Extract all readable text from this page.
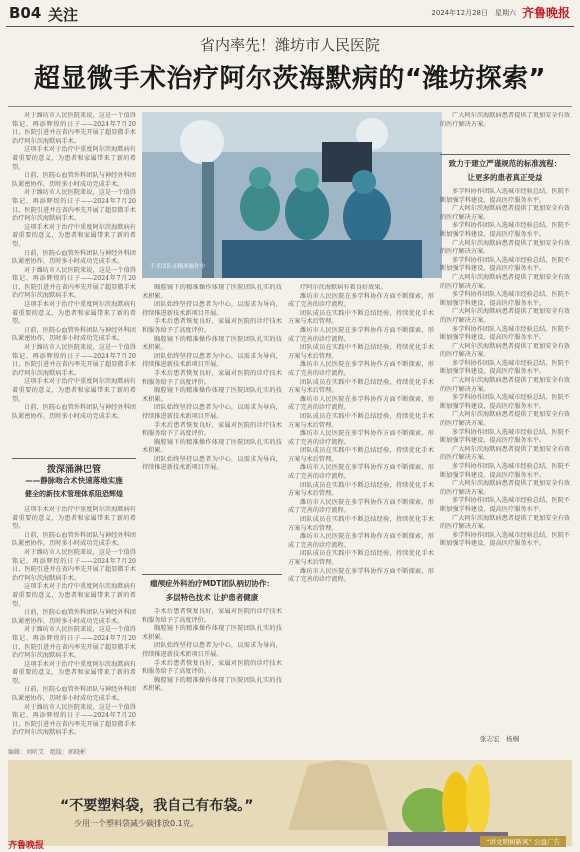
B04 关注	2024年12月28日　星期六 齐鲁晚报
省内率先！潍坊市人民医院
超显微手术治疗阿尔茨海默病的“潍坊探索”

对于潍坊市人民医院来说，这是一个值得铭记、再添辉煌的日子——2024年7月20日，医院引进并在省内率先开展了超显微手术治疗阿尔茨海默病手术。

这项手术对于治疗中重度阿尔茨海默病有着重要的意义，为患者和家属带来了新的希望。

日前，医院心血管外科团队与神经外科团队紧密协作，历时多小时成功完成手术。

对于潍坊市人民医院来说，这是一个值得铭记、再添辉煌的日子——2024年7月20日，医院引进并在省内率先开展了超显微手术治疗阿尔茨海默病手术。

这项手术对于治疗中重度阿尔茨海默病有着重要的意义，为患者和家属带来了新的希望。

日前，医院心血管外科团队与神经外科团队紧密协作，历时多小时成功完成手术。

对于潍坊市人民医院来说，这是一个值得铭记、再添辉煌的日子——2024年7月20日，医院引进并在省内率先开展了超显微手术治疗阿尔茨海默病手术。

这项手术对于治疗中重度阿尔茨海默病有着重要的意义，为患者和家属带来了新的希望。

日前，医院心血管外科团队与神经外科团队紧密协作，历时多小时成功完成手术。

对于潍坊市人民医院来说，这是一个值得铭记、再添辉煌的日子——2024年7月20日，医院引进并在省内率先开展了超显微手术治疗阿尔茨海默病手术。

这项手术对于治疗中重度阿尔茨海默病有着重要的意义，为患者和家属带来了新的希望。

日前，医院心血管外科团队与神经外科团队紧密协作，历时多小时成功完成手术。

拨深涌淋巴管
——静脉吻合术快速落地实施
健全的新技术管理体系阻恐辉煌

这项手术对于治疗中重度阿尔茨海默病有着重要的意义，为患者和家属带来了新的希望。

日前，医院心血管外科团队与神经外科团队紧密协作，历时多小时成功完成手术。

对于潍坊市人民医院来说，这是一个值得铭记、再添辉煌的日子——2024年7月20日，医院引进并在省内率先开展了超显微手术治疗阿尔茨海默病手术。

这项手术对于治疗中重度阿尔茨海默病有着重要的意义，为患者和家属带来了新的希望。

日前，医院心血管外科团队与神经外科团队紧密协作，历时多小时成功完成手术。

对于潍坊市人民医院来说，这是一个值得铭记、再添辉煌的日子——2024年7月20日，医院引进并在省内率先开展了超显微手术治疗阿尔茨海默病手术。

这项手术对于治疗中重度阿尔茨海默病有着重要的意义，为患者和家属带来了新的希望。

日前，医院心血管外科团队与神经外科团队紧密协作，历时多小时成功完成手术。

对于潍坊市人民医院来说，这是一个值得铭记、再添辉煌的日子——2024年7月20日，医院引进并在省内率先开展了超显微手术治疗阿尔茨海默病手术。

手术团队在精准操作中

胸腔镜下的精准操作体现了医院团队扎实的技术积累。

团队始终坚持以患者为中心，以需求为导向，持续推进新技术新项目开展。

手术后患者恢复良好，家属对医院的诊疗技术和服务给予了高度评价。

胸腔镜下的精准操作体现了医院团队扎实的技术积累。

团队始终坚持以患者为中心，以需求为导向，持续推进新技术新项目开展。

手术后患者恢复良好，家属对医院的诊疗技术和服务给予了高度评价。

胸腔镜下的精准操作体现了医院团队扎实的技术积累。

团队始终坚持以患者为中心，以需求为导向，持续推进新技术新项目开展。

手术后患者恢复良好，家属对医院的诊疗技术和服务给予了高度评价。

胸腔镜下的精准操作体现了医院团队扎实的技术积累。

团队始终坚持以患者为中心，以需求为导向，持续推进新技术新项目开展。

瘤颅症外科治疗MDT团队柄切协作：
多层特色技术 让护患者健康

手术后患者恢复良好，家属对医院的诊疗技术和服务给予了高度评价。

胸腔镜下的精准操作体现了医院团队扎实的技术积累。

团队始终坚持以患者为中心，以需求为导向，持续推进新技术新项目开展。

手术后患者恢复良好，家属对医院的诊疗技术和服务给予了高度评价。

胸腔镜下的精准操作体现了医院团队扎实的技术积累。

疗阿尔茨海默病有着良好效果。

潍坊市人民医院在多学科协作方面不断探索，形成了完善的诊疗流程。

团队成员在实践中不断总结经验，持续优化手术方案与术后管理。

潍坊市人民医院在多学科协作方面不断探索，形成了完善的诊疗流程。

团队成员在实践中不断总结经验，持续优化手术方案与术后管理。

潍坊市人民医院在多学科协作方面不断探索，形成了完善的诊疗流程。

团队成员在实践中不断总结经验，持续优化手术方案与术后管理。

潍坊市人民医院在多学科协作方面不断探索，形成了完善的诊疗流程。

团队成员在实践中不断总结经验，持续优化手术方案与术后管理。

潍坊市人民医院在多学科协作方面不断探索，形成了完善的诊疗流程。

团队成员在实践中不断总结经验，持续优化手术方案与术后管理。

潍坊市人民医院在多学科协作方面不断探索，形成了完善的诊疗流程。

团队成员在实践中不断总结经验，持续优化手术方案与术后管理。

潍坊市人民医院在多学科协作方面不断探索，形成了完善的诊疗流程。

团队成员在实践中不断总结经验，持续优化手术方案与术后管理。

潍坊市人民医院在多学科协作方面不断探索，形成了完善的诊疗流程。

团队成员在实践中不断总结经验，持续优化手术方案与术后管理。

潍坊市人民医院在多学科协作方面不断探索，形成了完善的诊疗流程。

广大阿尔茨海默病患者提供了更加安全有效的医疗解决方案。

致力于建立严谨规范的标准流程：
让更多的患者真正受益

多学科协作团队入选城市经验总结，医院不断加强学科建设，提高医疗服务水平。

广大阿尔茨海默病患者提供了更加安全有效的医疗解决方案。

多学科协作团队入选城市经验总结，医院不断加强学科建设，提高医疗服务水平。

广大阿尔茨海默病患者提供了更加安全有效的医疗解决方案。

多学科协作团队入选城市经验总结，医院不断加强学科建设，提高医疗服务水平。

广大阿尔茨海默病患者提供了更加安全有效的医疗解决方案。

多学科协作团队入选城市经验总结，医院不断加强学科建设，提高医疗服务水平。

广大阿尔茨海默病患者提供了更加安全有效的医疗解决方案。

多学科协作团队入选城市经验总结，医院不断加强学科建设，提高医疗服务水平。

广大阿尔茨海默病患者提供了更加安全有效的医疗解决方案。

多学科协作团队入选城市经验总结，医院不断加强学科建设，提高医疗服务水平。

广大阿尔茨海默病患者提供了更加安全有效的医疗解决方案。

多学科协作团队入选城市经验总结，医院不断加强学科建设，提高医疗服务水平。

广大阿尔茨海默病患者提供了更加安全有效的医疗解决方案。

多学科协作团队入选城市经验总结，医院不断加强学科建设，提高医疗服务水平。

广大阿尔茨海默病患者提供了更加安全有效的医疗解决方案。

多学科协作团队入选城市经验总结，医院不断加强学科建设，提高医疗服务水平。

广大阿尔茨海默病患者提供了更加安全有效的医疗解决方案。

多学科协作团队入选城市经验总结，医院不断加强学科建设，提高医疗服务水平。

广大阿尔茨海默病患者提供了更加安全有效的医疗解决方案。

多学科协作团队入选城市经验总结，医院不断加强学科建设，提高医疗服务水平。

张志宏　杨桐
编辑：刘昕艾　组版：郭晓彬
“不要塑料袋，我自己有布袋。”
少用一个塑料袋减少碳排放0.1克。
齐鲁晚报	“讲文明树新风” 公益广告
